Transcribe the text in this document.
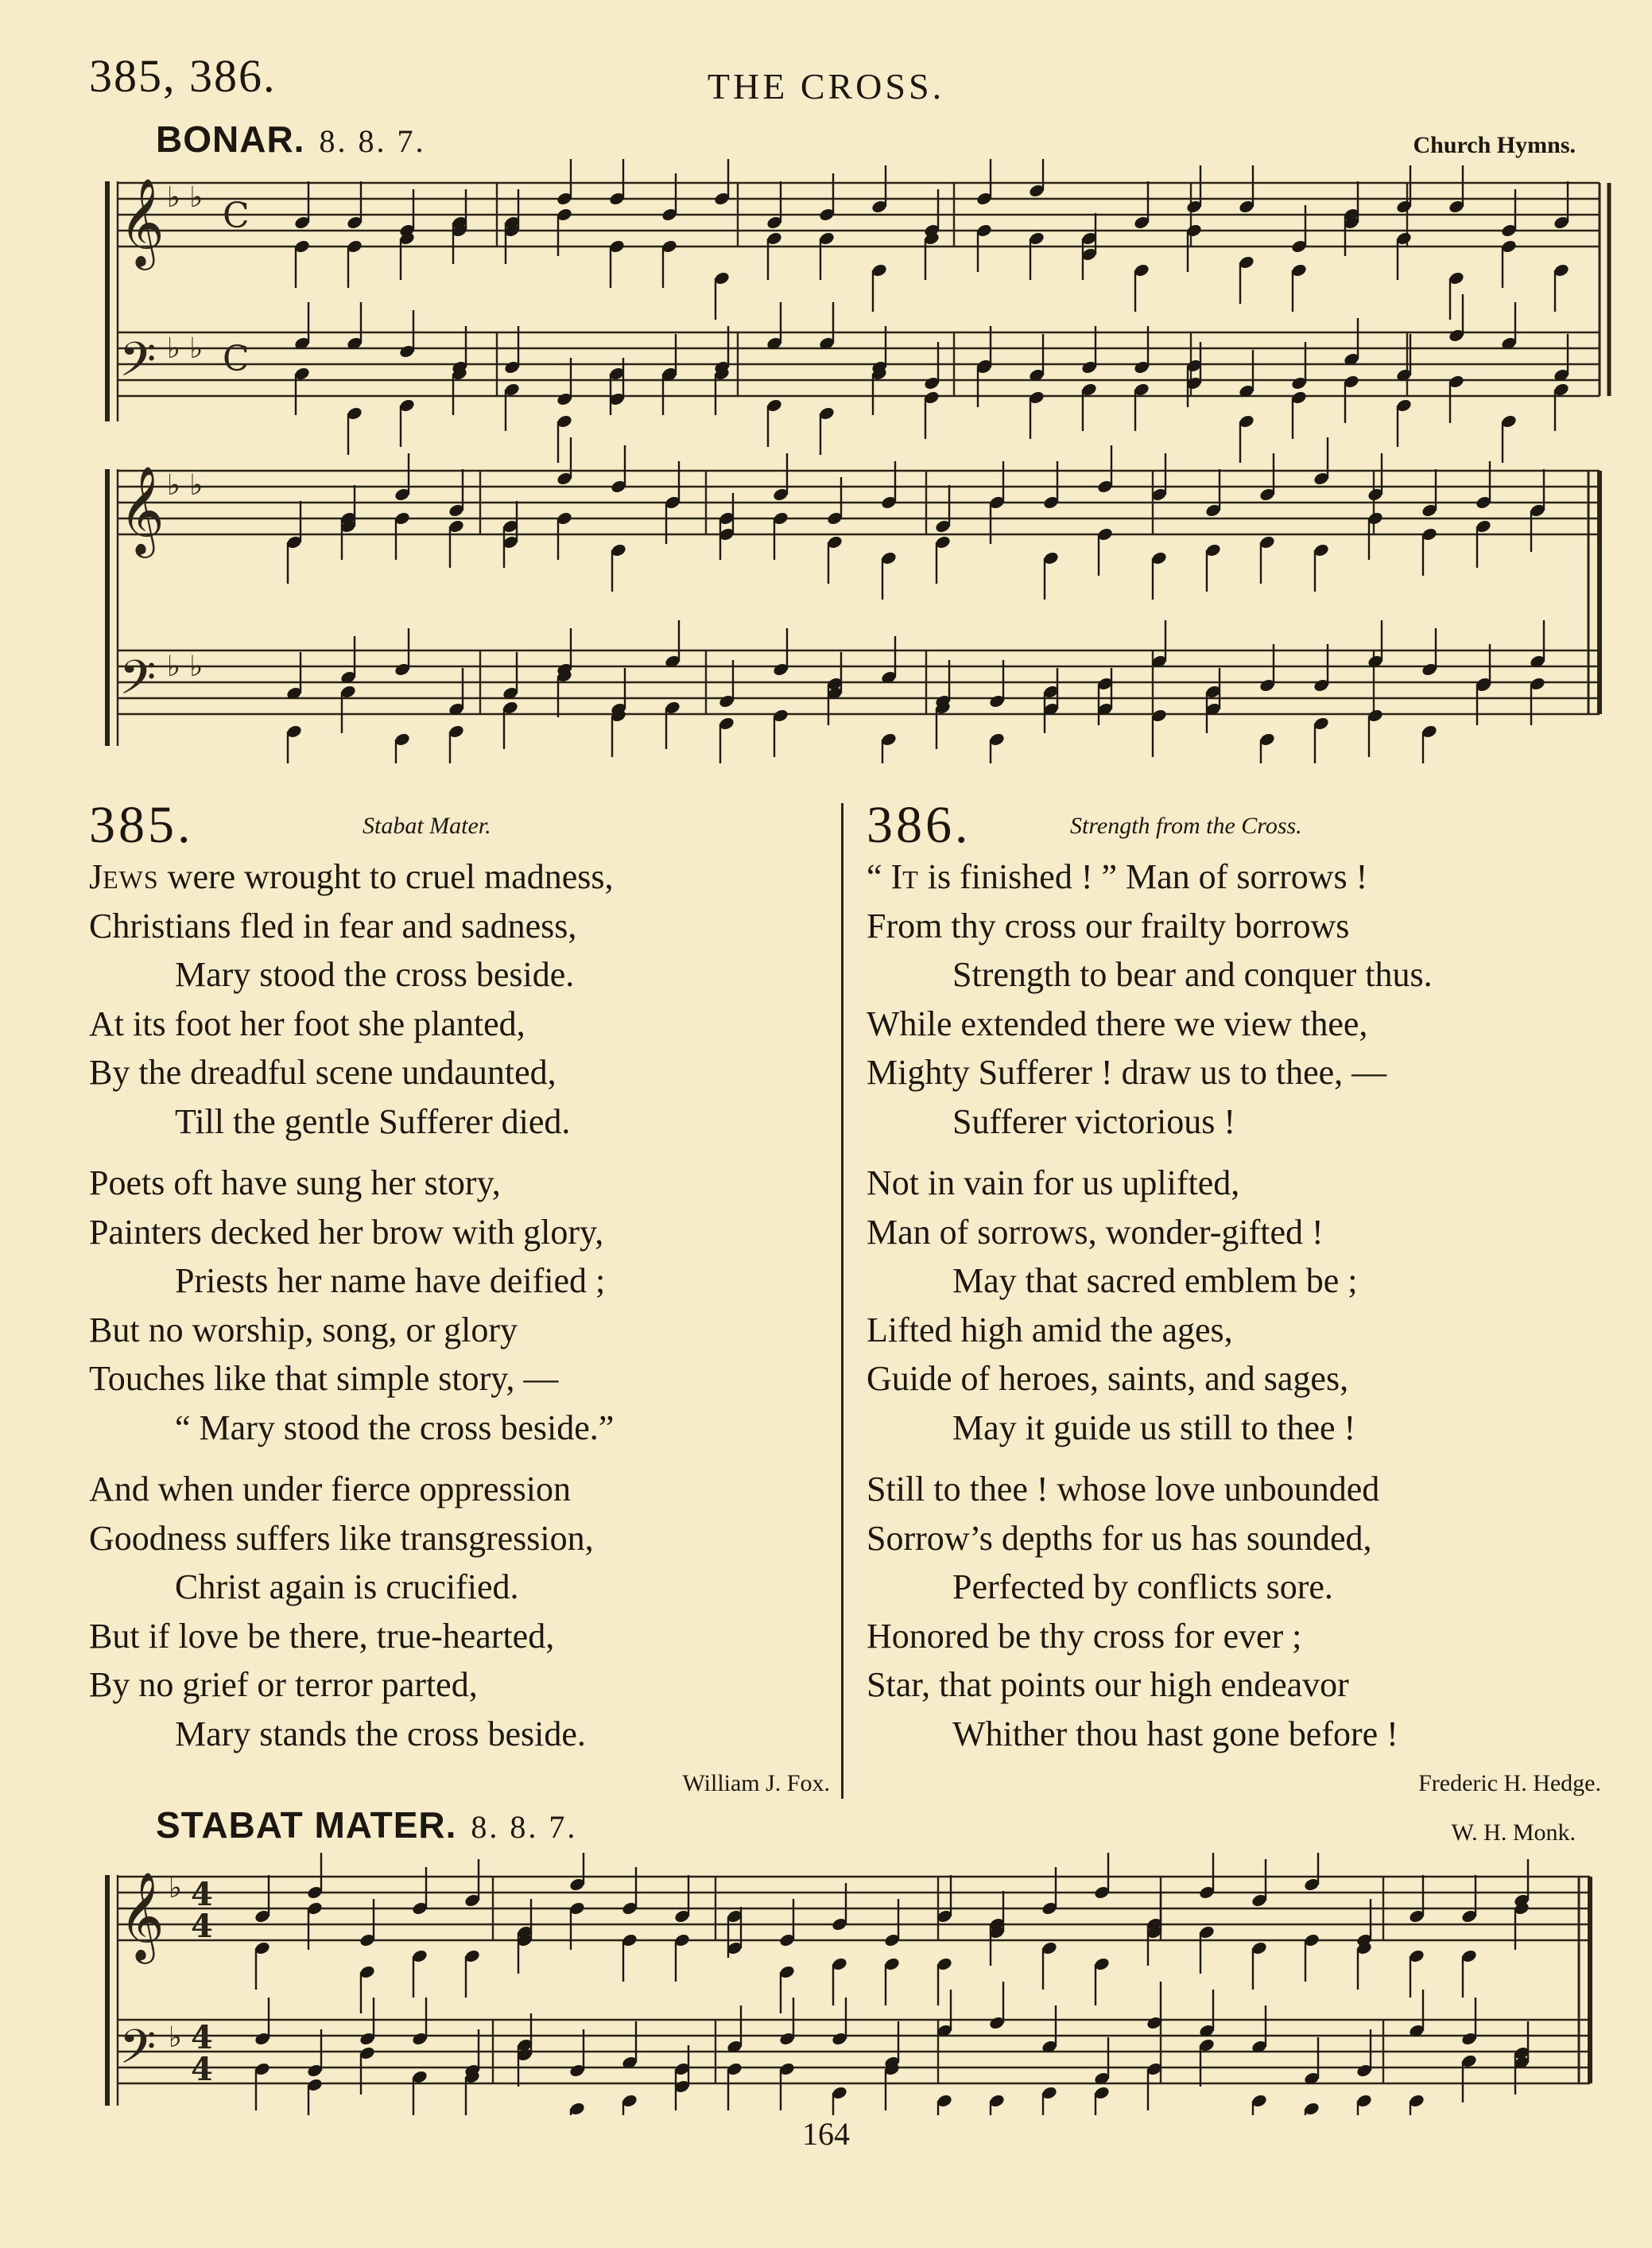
385, 386.	THE CROSS.
BONAR. 8. 8. 7.	Church Hymns.
𝄞
𝄢
𝄞
𝄢
♭ ♭
♭ ♭
♭ ♭
♭ ♭
C
C
385.	Stabat Mater.
JEWS were wrought to cruel madness,
Christians fled in fear and sadness,
Mary stood the cross beside.
At its foot her foot she planted,
By the dreadful scene undaunted,
Till the gentle Sufferer died.
Poets oft have sung her story,
Painters decked her brow with glory,
Priests her name have deified ;
But no worship, song, or glory
Touches like that simple story, —
“ Mary stood the cross beside.”
And when under fierce oppression
Goodness suffers like transgression,
Christ again is crucified.
But if love be there, true-hearted,
By no grief or terror parted,
Mary stands the cross beside.
William J. Fox.
386.	Strength from the Cross.
“ IT is finished ! ” Man of sorrows !
From thy cross our frailty borrows
Strength to bear and conquer thus.
While extended there we view thee,
Mighty Sufferer ! draw us to thee, —
Sufferer victorious !
Not in vain for us uplifted,
Man of sorrows, wonder-gifted !
May that sacred emblem be ;
Lifted high amid the ages,
Guide of heroes, saints, and sages,
May it guide us still to thee !
Still to thee ! whose love unbounded
Sorrow’s depths for us has sounded,
Perfected by conflicts sore.
Honored be thy cross for ever ;
Star, that points our high endeavor
Whither thou hast gone before !
Frederic H. Hedge.
STABAT MATER. 8. 8. 7.	W. H. Monk.
𝄞
𝄢
♭
♭
4
4
4
4
164
